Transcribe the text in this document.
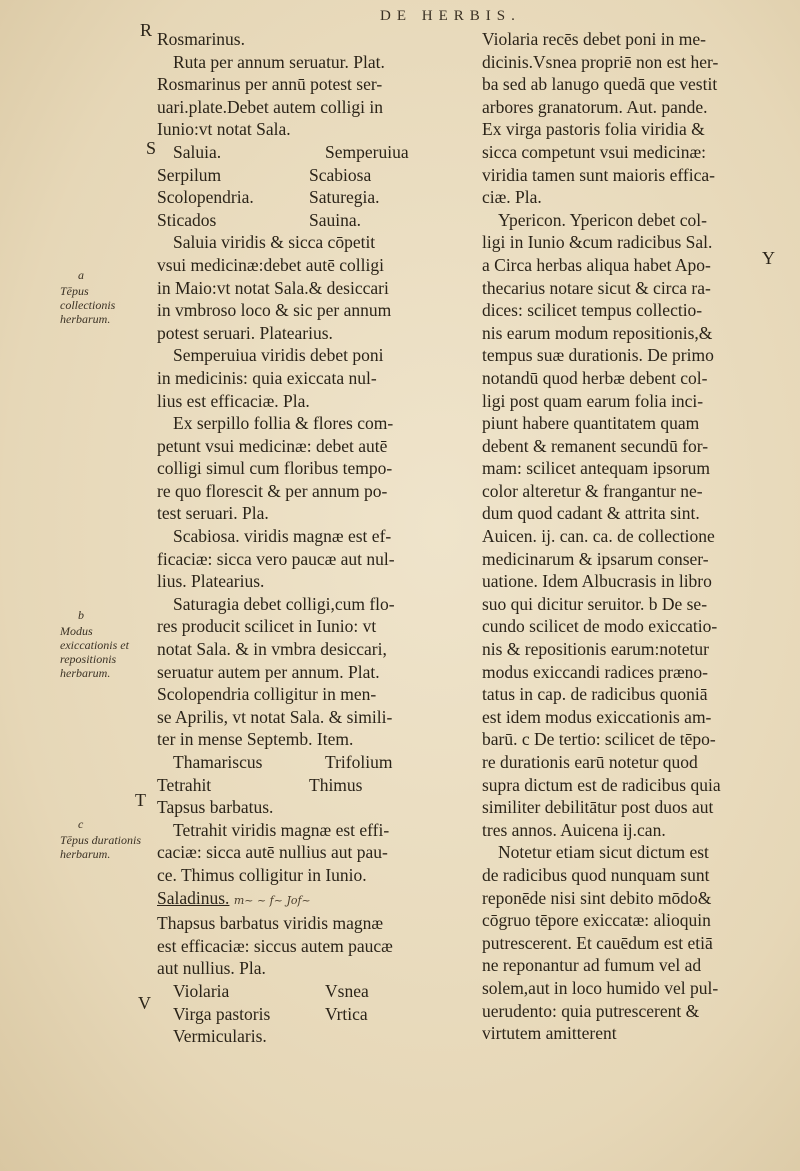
DE HERBIS.
R
S
T
V
Y
a
Tēpus collectionis herbarum.
b
Modus exiccationis et repositionis herbarum.
c
Tēpus durationis herbarum.

Rosmarinus.

Ruta per annum seruatur. Plat.

Rosmarinus per annū potest ser-

uari.plate.Debet autem colligi in

Iunio:vt notat Sala.

Saluia.	Semperuiua
Serpilum	Scabiosa
Scolopendria.	Saturegia.
Sticados	Sauina.

Saluia viridis & sicca cōpetit

vsui medicinæ:debet autē colligi

in Maio:vt notat Sala.& desiccari

in vmbroso loco & sic per annum

potest seruari. Platearius.

Semperuiua viridis debet poni

in medicinis: quia exiccata nul-

lius est efficaciæ. Pla.

Ex serpillo follia & flores com-

petunt vsui medicinæ: debet autē

colligi simul cum floribus tempo-

re quo florescit & per annum po-

test seruari. Pla.

Scabiosa. viridis magnæ est ef-

ficaciæ: sicca vero paucæ aut nul-

lius. Platearius.

Saturagia debet colligi,cum flo-

res producit scilicet in Iunio: vt

notat Sala. & in vmbra desiccari,

seruatur autem per annum. Plat.

Scolopendria colligitur in men-

se Aprilis, vt notat Sala. & simili-

ter in mense Septemb. Item.

Thamariscus	Trifolium
Tetrahit	Thimus

Tapsus barbatus.

Tetrahit viridis magnæ est effi-

caciæ: sicca autē nullius aut pau-

ce. Thimus colligitur in Iunio.

Saladinus. m~ ~ f~ Jof~

Thapsus barbatus viridis magnæ

est efficaciæ: siccus autem paucæ

aut nullius. Pla.

Violaria	Vsnea
Virga pastoris	Vrtica

Vermicularis.

Violaria recēs debet poni in me-

dicinis.Vsnea propriē non est her-

ba sed ab lanugo quedā que vestit

arbores granatorum. Aut. pande.

Ex virga pastoris folia viridia &

sicca competunt vsui medicinæ:

viridia tamen sunt maioris effica-

ciæ. Pla.

Ypericon. Ypericon debet col-

ligi in Iunio &cum radicibus Sal.

a Circa herbas aliqua habet Apo-

thecarius notare sicut & circa ra-

dices: scilicet tempus collectio-

nis earum modum repositionis,&

tempus suæ durationis. De primo

notandū quod herbæ debent col-

ligi post quam earum folia inci-

piunt habere quantitatem quam

debent & remanent secundū for-

mam: scilicet antequam ipsorum

color alteretur & frangantur ne-

dum quod cadant & attrita sint.

Auicen. ij. can. ca. de collectione

medicinarum & ipsarum conser-

uatione. Idem Albucrasis in libro

suo qui dicitur seruitor. b De se-

cundo scilicet de modo exiccatio-

nis & repositionis earum:notetur

modus exiccandi radices præno-

tatus in cap. de radicibus quoniā

est idem modus exiccationis am-

barū. c De tertio: scilicet de tēpo-

re durationis earū notetur quod

supra dictum est de radicibus quia

similiter debilitātur post duos aut

tres annos. Auicena ij.can.

Notetur etiam sicut dictum est

de radicibus quod nunquam sunt

reponēde nisi sint debito mōdo&

cōgruo tēpore exiccatæ: alioquin

putrescerent. Et cauēdum est etiā

ne reponantur ad fumum vel ad

solem,aut in loco humido vel pul-

uerudento: quia putrescerent &

virtutem amitterent
